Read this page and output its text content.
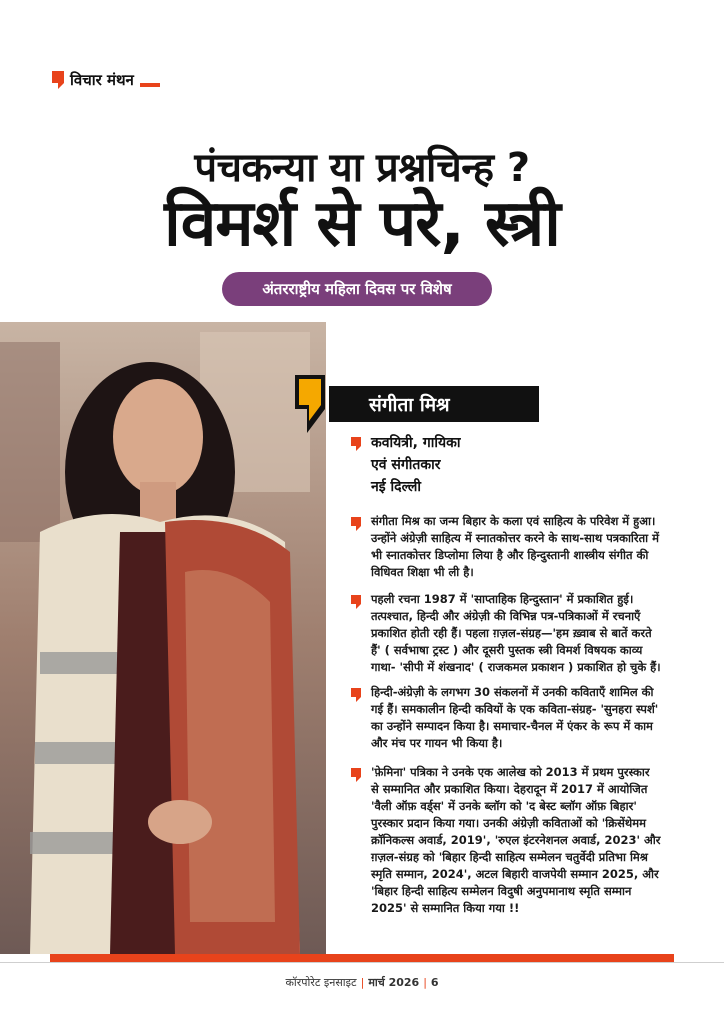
विचार मंथन
पंचकन्या या प्रश्नचिन्ह ?
विमर्श से परे, स्त्री
अंतरराष्ट्रीय महिला दिवस पर विशेष
संगीता मिश्र
कवयित्री, गायिका
एवं संगीतकार
नई दिल्ली
संगीता मिश्र का जन्म बिहार के कला एवं साहित्य के परिवेश में हुआ। उन्होंने अंग्रेज़ी साहित्य में स्नातकोत्तर करने के साथ-साथ पत्रकारिता में भी स्नातकोत्तर डिप्लोमा लिया है और हिन्दुस्तानी शास्त्रीय संगीत की विधिवत शिक्षा भी ली है।
पहली रचना 1987 में 'साप्ताहिक हिन्दुस्तान' में प्रकाशित हुई। तत्पश्चात, हिन्दी और अंग्रेज़ी की विभिन्न पत्र-पत्रिकाओं में रचनाएँ प्रकाशित होती रही हैं। पहला ग़ज़ल-संग्रह—'हम ख़्वाब से बातें करते हैं' ( सर्वभाषा ट्रस्ट ) और दूसरी पुस्तक स्त्री विमर्श विषयक काव्य गाथा- 'सीपी में शंखनाद' ( राजकमल प्रकाशन ) प्रकाशित हो चुके हैं।
हिन्दी-अंग्रेज़ी के लगभग 30 संकलनों में उनकी कविताएँ शामिल की गई हैं। समकालीन हिन्दी कवियों के एक कविता-संग्रह- 'सुनहरा स्पर्श' का उन्होंने सम्पादन किया है। समाचार-चैनल में एंकर के रूप में काम और मंच पर गायन भी किया है।
'फ़ेमिना' पत्रिका ने उनके एक आलेख को 2013 में प्रथम पुरस्कार से सम्मानित और प्रकाशित किया। देहरादून में 2017 में आयोजित 'वैली ऑफ़ वर्ड्स' में उनके ब्लॉग को 'द बेस्ट ब्लॉग ऑफ़ बिहार' पुरस्कार प्रदान किया गया। उनकी अंग्रेज़ी कविताओं को 'क्रिसेंथेमम क्रॉनिकल्स अवार्ड, 2019', 'रुएल इंटरनेशनल अवार्ड, 2023' और ग़ज़ल-संग्रह को 'बिहार हिन्दी साहित्य सम्मेलन चतुर्वेदी प्रतिभा मिश्र स्मृति सम्मान, 2024', अटल बिहारी वाजपेयी सम्मान 2025, और 'बिहार हिन्दी साहित्य सम्मेलन विदुषी अनुपमानाथ स्मृति सम्मान 2025' से सम्मानित किया गया !!
कॉरपोरेट इनसाइट | मार्च 2026 | 6
